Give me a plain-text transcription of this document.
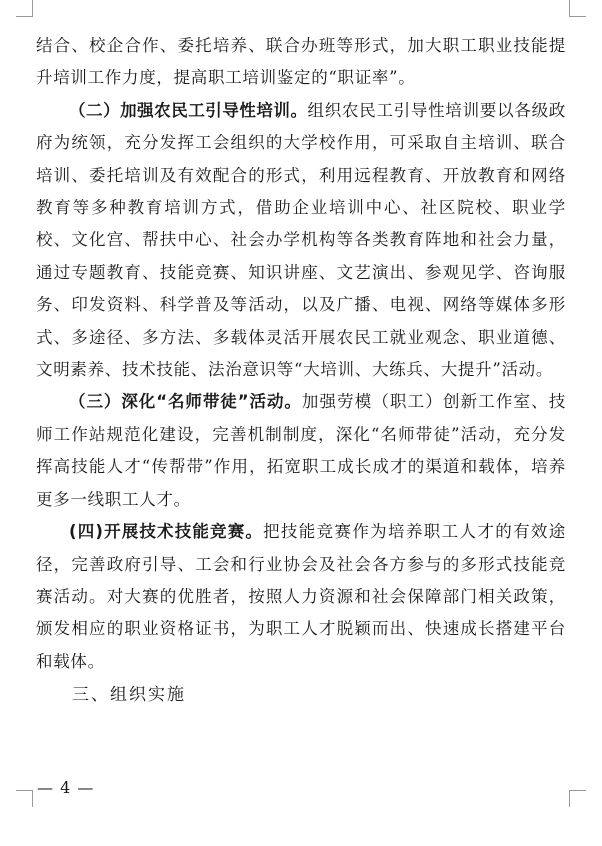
结合、校企合作、委托培养、联合办班等形式，加大职工职业技能提升培训工作力度，提高职工培训鉴定的“职证率”。

（二）加强农民工引导性培训。组织农民工引导性培训要以各级政府为统领，充分发挥工会组织的大学校作用，可采取自主培训、联合培训、委托培训及有效配合的形式，利用远程教育、开放教育和网络教育等多种教育培训方式，借助企业培训中心、社区院校、职业学校、文化宫、帮扶中心、社会办学机构等各类教育阵地和社会力量，通过专题教育、技能竞赛、知识讲座、文艺演出、参观见学、咨询服务、印发资料、科学普及等活动，以及广播、电视、网络等媒体多形式、多途径、多方法、多载体灵活开展农民工就业观念、职业道德、文明素养、技术技能、法治意识等“大培训、大练兵、大提升”活动。

（三）深化“名师带徒”活动。加强劳模（职工）创新工作室、技师工作站规范化建设，完善机制制度，深化“名师带徒”活动，充分发挥高技能人才“传帮带”作用，拓宽职工成长成才的渠道和载体，培养更多一线职工人才。

(四)开展技术技能竞赛。把技能竞赛作为培养职工人才的有效途径，完善政府引导、工会和行业协会及社会各方参与的多形式技能竞赛活动。对大赛的优胜者，按照人力资源和社会保障部门相关政策，颁发相应的职业资格证书，为职工人才脱颖而出、快速成长搭建平台和载体。

三、组织实施

— 4 —
